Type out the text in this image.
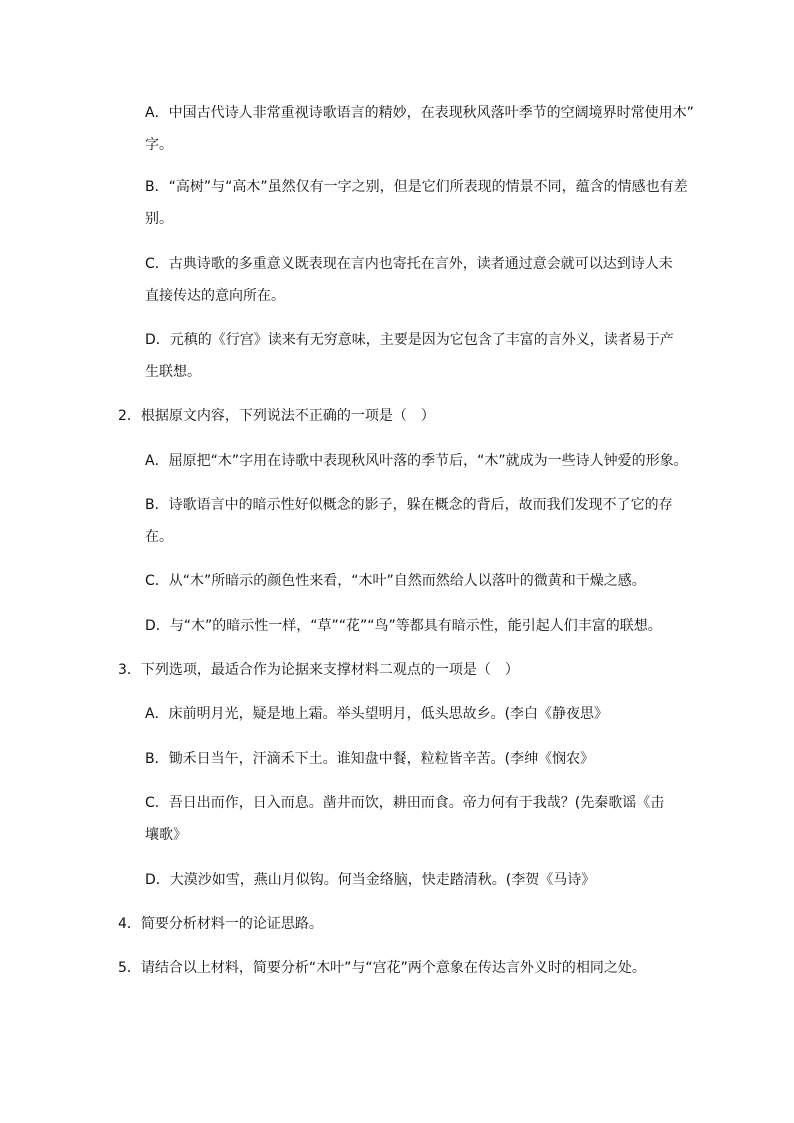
A．中国古代诗人非常重视诗歌语言的精妙，在表现秋风落叶季节的空阔境界时常使用木”
字。
B．“高树”与“高木”虽然仅有一字之别，但是它们所表现的情景不同，蕴含的情感也有差
别。
C．古典诗歌的多重意义既表现在言内也寄托在言外，读者通过意会就可以达到诗人未
直接传达的意向所在。
D．元稹的《行宫》读来有无穷意味，主要是因为它包含了丰富的言外义，读者易于产
生联想。
2．根据原文内容，下列说法不正确的一项是（　）
A．屈原把“木”字用在诗歌中表现秋风叶落的季节后，“木”就成为一些诗人钟爱的形象。
B．诗歌语言中的暗示性好似概念的影子，躲在概念的背后，故而我们发现不了它的存
在。
C．从“木”所暗示的颜色性来看，“木叶”自然而然给人以落叶的微黄和干燥之感。
D．与“木”的暗示性一样，“草”“花”“鸟”等都具有暗示性，能引起人们丰富的联想。
3．下列选项，最适合作为论据来支撑材料二观点的一项是（　）
A．床前明月光，疑是地上霜。举头望明月，低头思故乡。(李白《静夜思》
B．锄禾日当午，汗滴禾下土。谁知盘中餐，粒粒皆辛苦。(李绅《悯农》
C．吾日出而作，日入而息。凿井而饮，耕田而食。帝力何有于我哉？(先秦歌谣《击
壤歌》
D．大漠沙如雪，燕山月似钩。何当金络脑，快走踏清秋。(李贺《马诗》
4．简要分析材料一的论证思路。
5．请结合以上材料，简要分析“木叶”与“宫花”两个意象在传达言外义时的相同之处。
